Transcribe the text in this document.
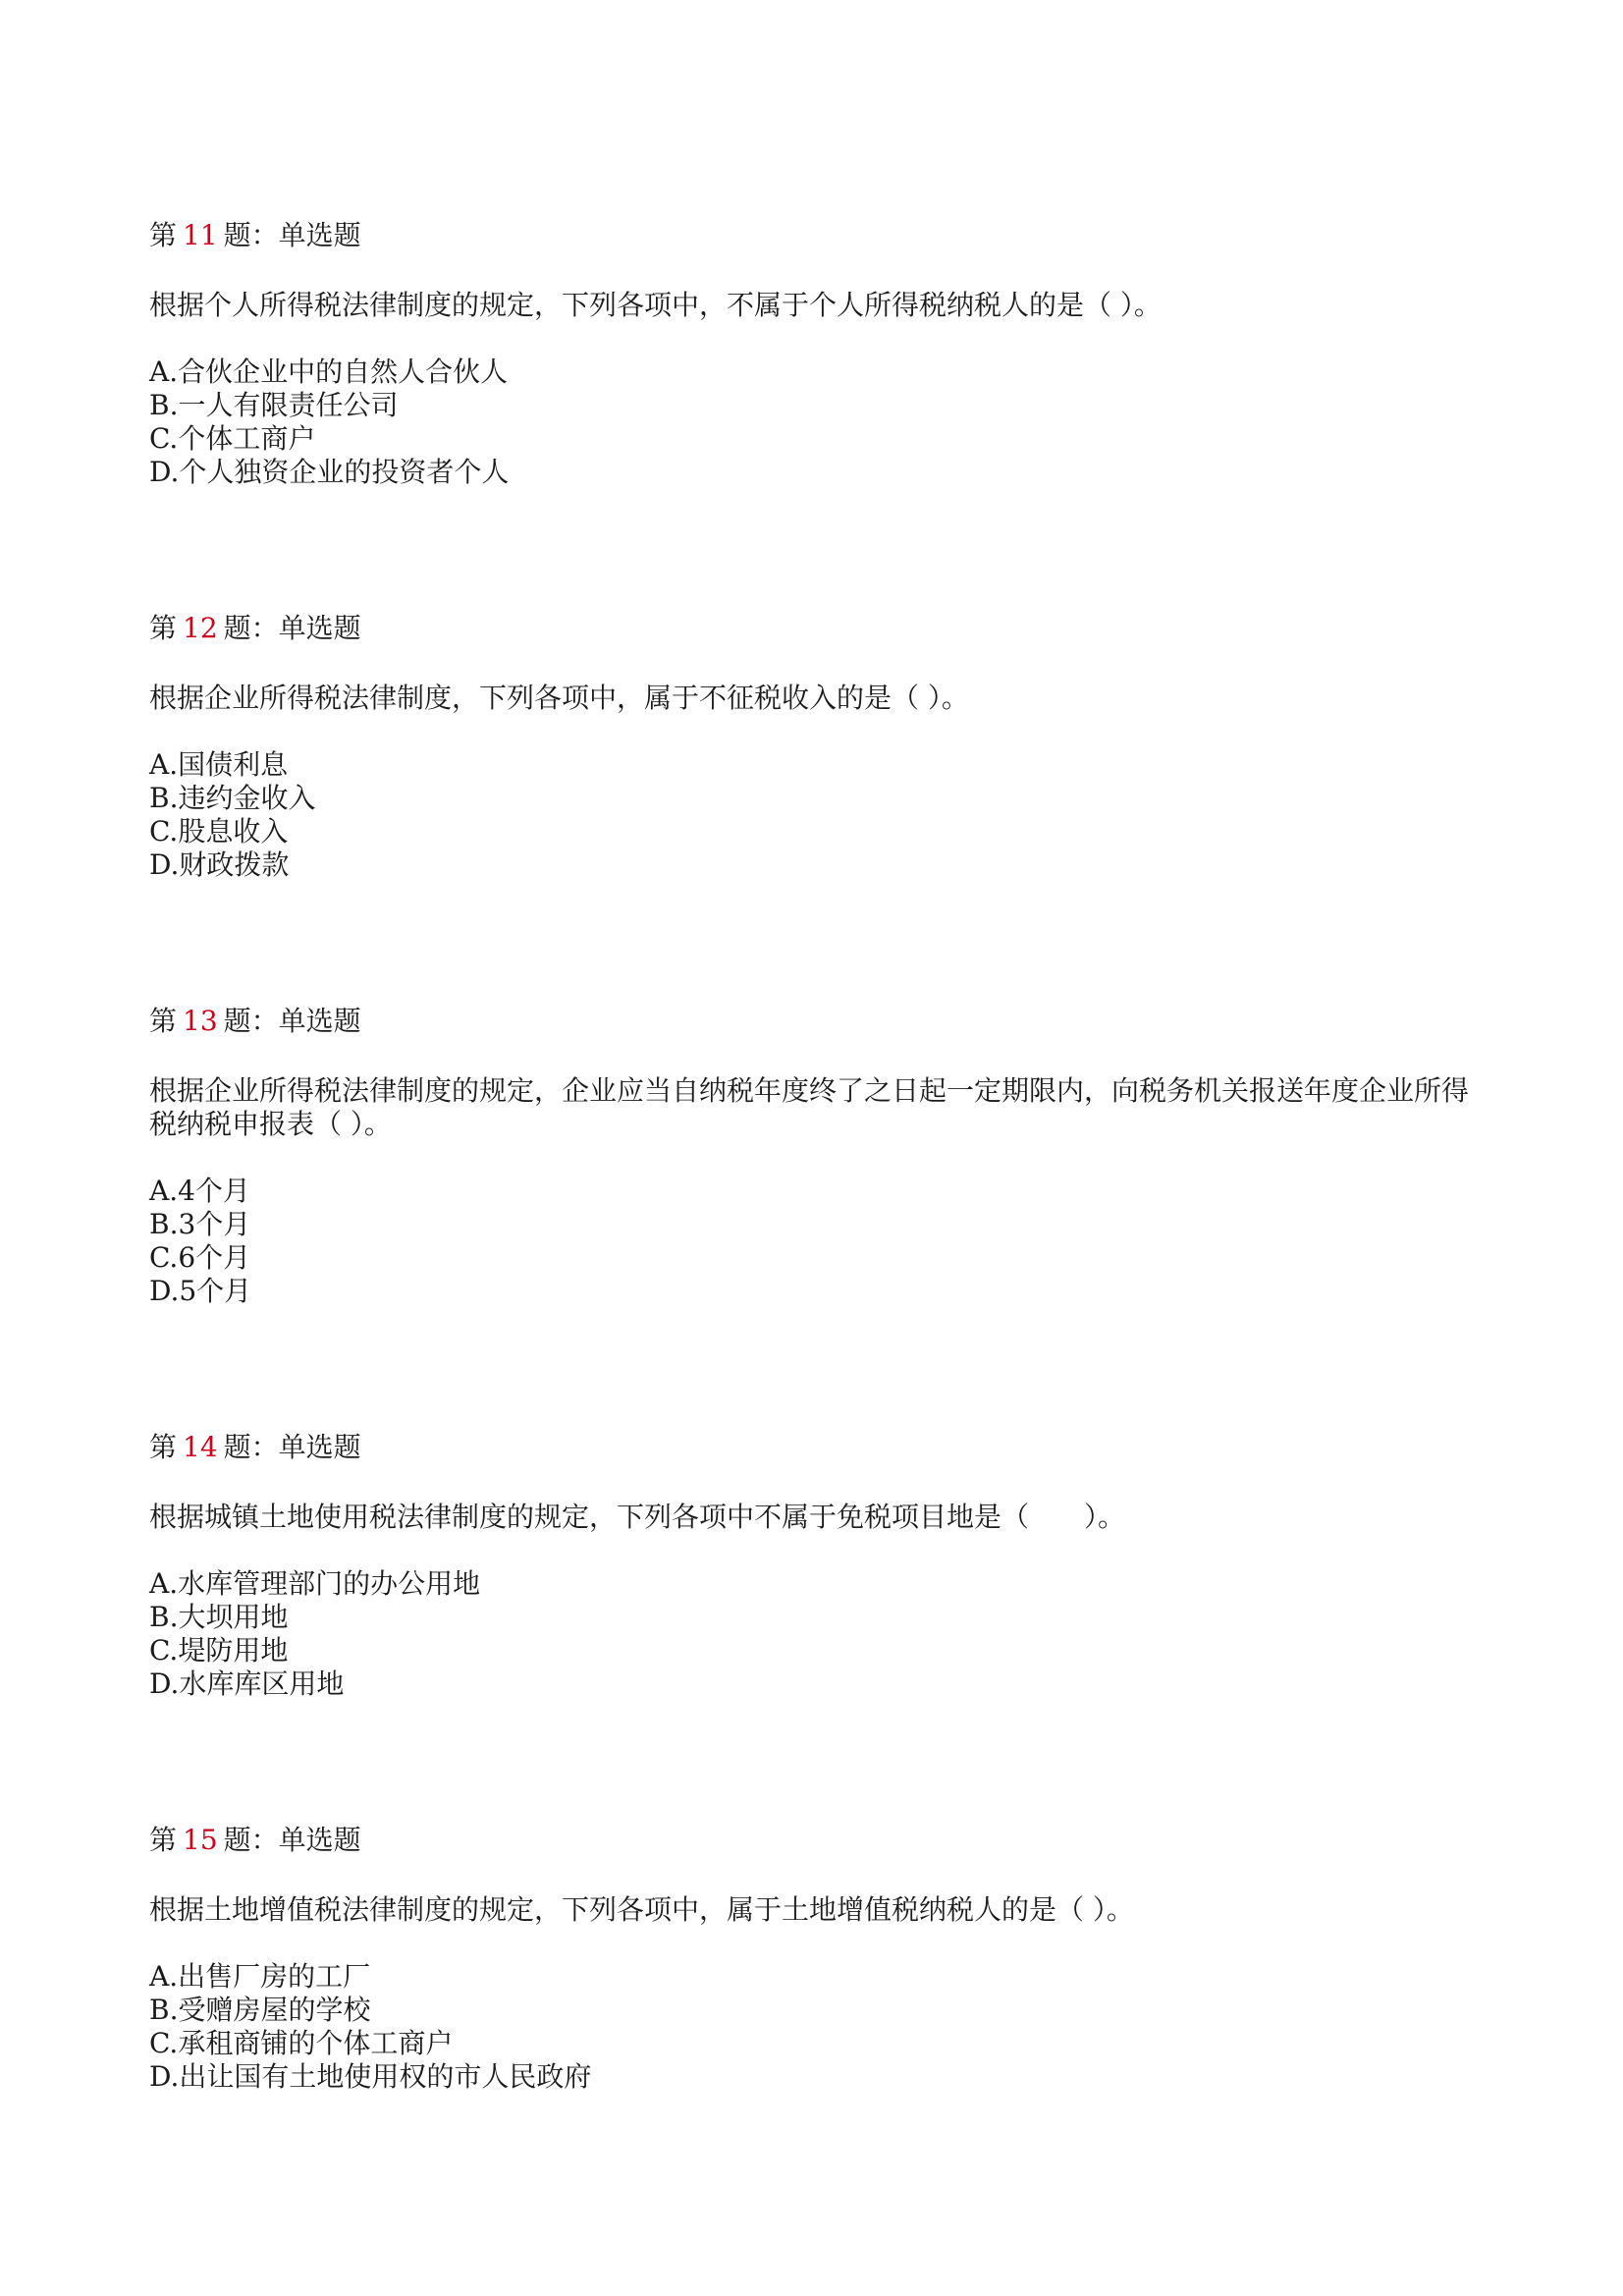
第 11 题：单选题
根据个人所得税法律制度的规定，下列各项中，不属于个人所得税纳税人的是（ ）。
A.合伙企业中的自然人合伙人
B.一人有限责任公司
C.个体工商户
D.个人独资企业的投资者个人
第 12 题：单选题
根据企业所得税法律制度，下列各项中，属于不征税收入的是（ ）。
A.国债利息
B.违约金收入
C.股息收入
D.财政拨款
第 13 题：单选题
根据企业所得税法律制度的规定，企业应当自纳税年度终了之日起一定期限内，向税务机关报送年度企业所得税纳税申报表（ ）。
A.4个月
B.3个月
C.6个月
D.5个月
第 14 题：单选题
根据城镇土地使用税法律制度的规定，下列各项中不属于免税项目地是（　　）。
A.水库管理部门的办公用地
B.大坝用地
C.堤防用地
D.水库库区用地
第 15 题：单选题
根据土地增值税法律制度的规定，下列各项中，属于土地增值税纳税人的是（ ）。
A.出售厂房的工厂
B.受赠房屋的学校
C.承租商铺的个体工商户
D.出让国有土地使用权的市人民政府
